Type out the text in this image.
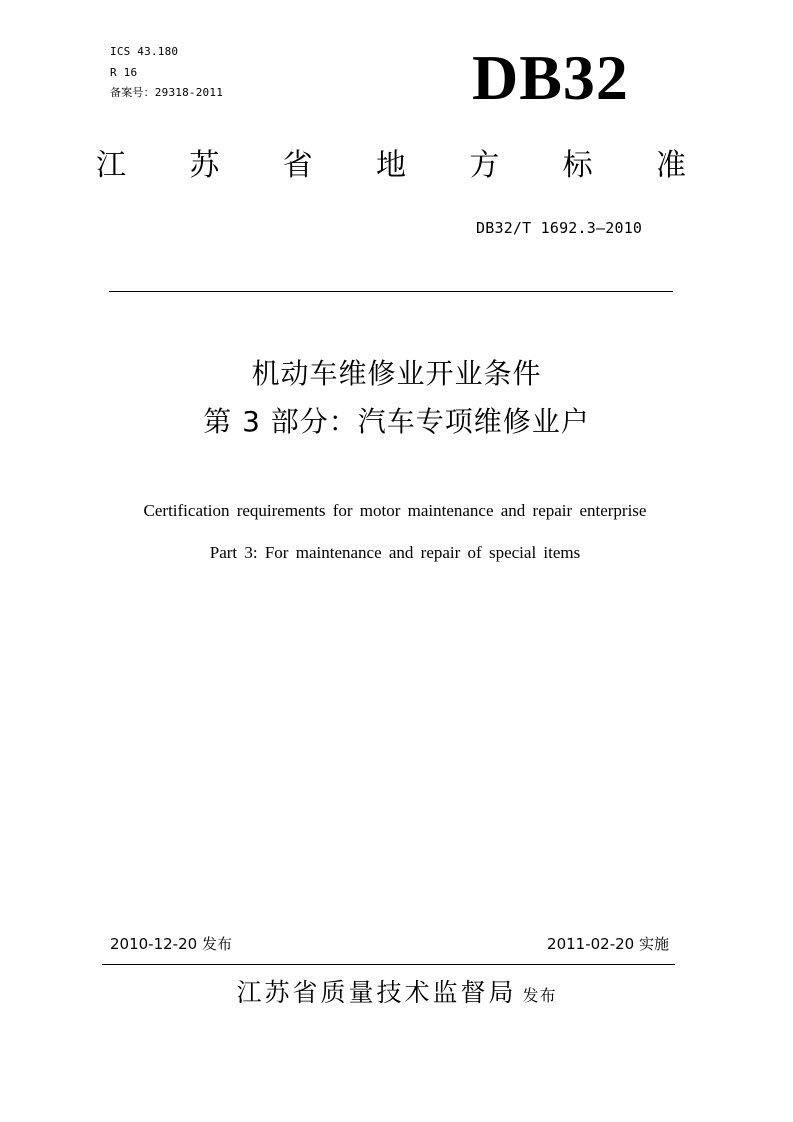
ICS 43.180
R 16
备案号：29318-2011	DB32
江 苏 省 地 方 标 准
DB32/T 1692.3—2010
机动车维修业开业条件
第 3 部分：汽车专项维修业户
Certification requirements for motor maintenance and repair enterprise
Part 3: For maintenance and repair of special items
2010-12-20 发布	2011-02-20 实施
江苏省质量技术监督局 发布
